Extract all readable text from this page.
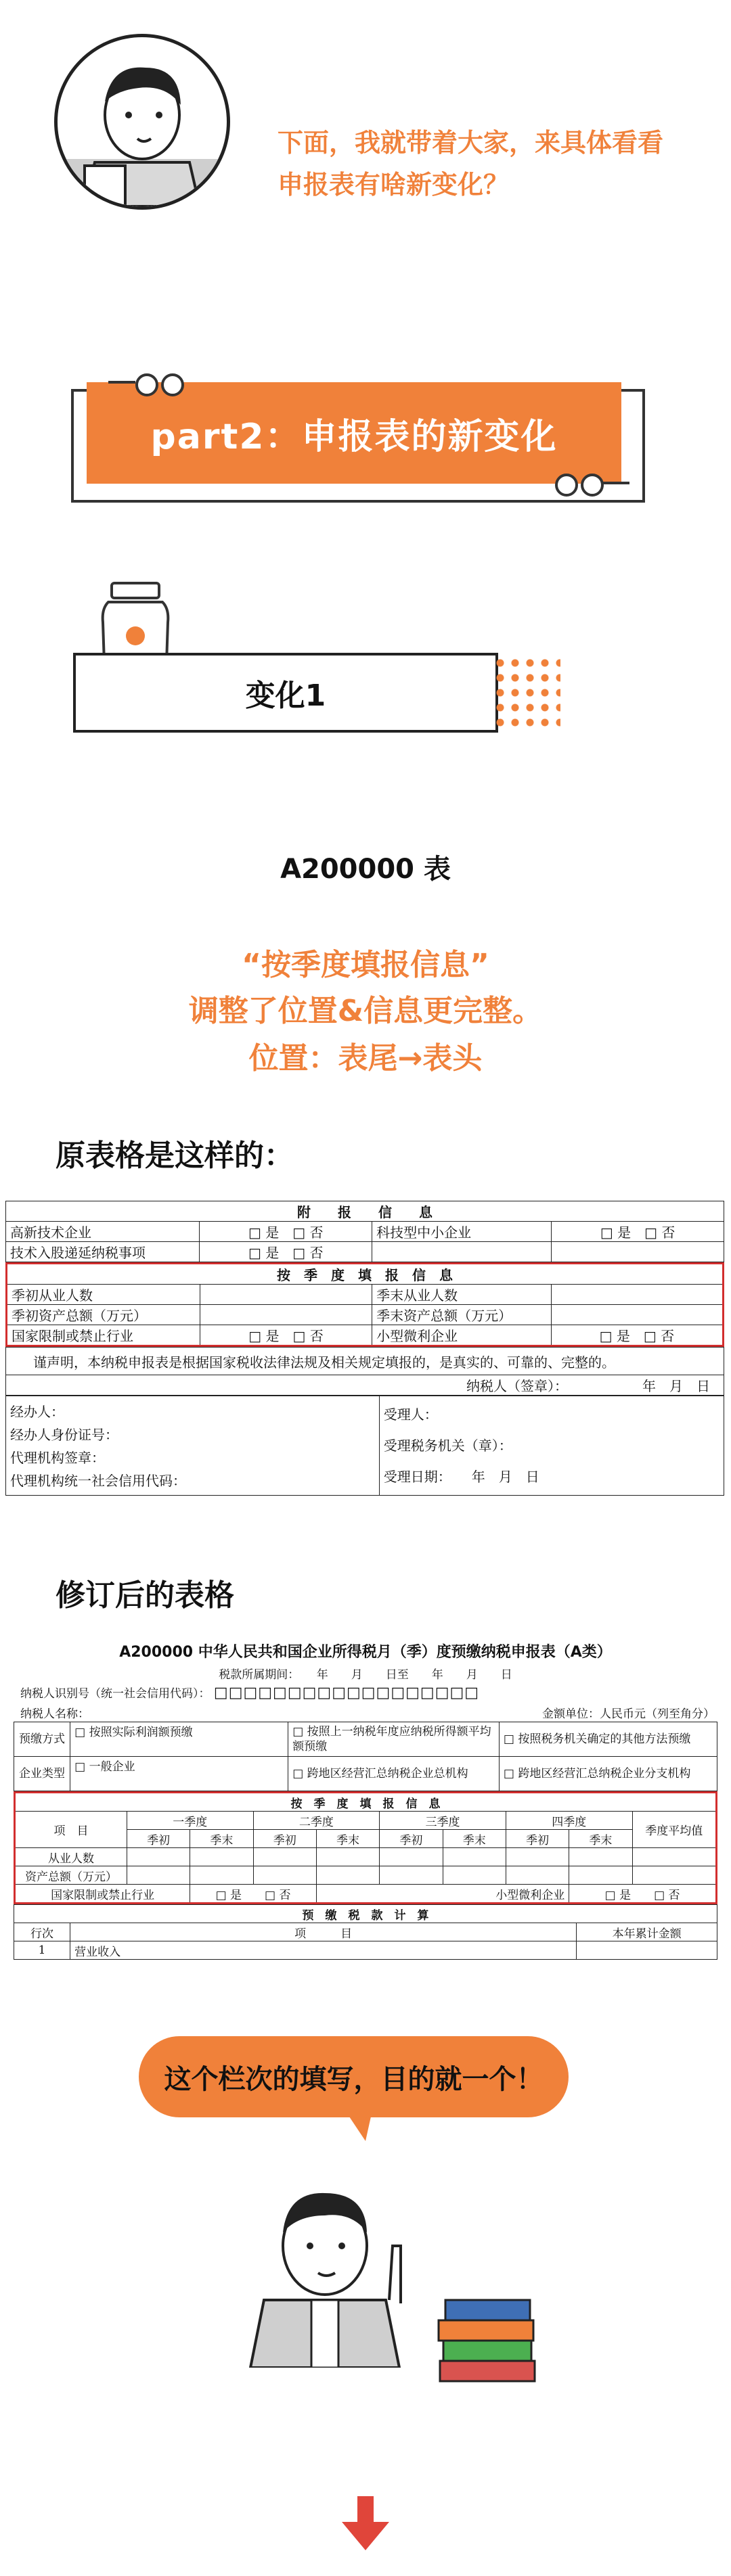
下面，我就带着大家，来具体看看
申报表有啥新变化？
part2：申报表的新变化
变化1
A200000 表
“按季度填报信息”
调整了位置&信息更完整。
位置：表尾→表头
原表格是这样的：
附　　报　　信　　息			
高新技术企业	□ 是　□ 否	科技型中小企业	□ 是　□ 否
技术入股递延纳税事项	□ 是　□ 否		
按　季　度　填　报　信　息			
季初从业人数		季末从业人数	
季初资产总额（万元）		季末资产总额（万元）	
国家限制或禁止行业	□ 是　□ 否	小型微利企业	□ 是　□ 否
谨声明，本纳税申报表是根据国家税收法律法规及相关规定填报的，是真实的、可靠的、完整的。
纳税人（签章）：　　　　　　年　月　日
经办人：
经办人身份证号：
代理机构签章：
代理机构统一社会信用代码：

受理人：
受理税务机关（章）：
受理日期：　　年　月　日
修订后的表格
A200000 中华人民共和国企业所得税月（季）度预缴纳税申报表（A类）
税款所属期间：　　年　　月　　日至　　年　　月　　日
纳税人识别号（统一社会信用代码）： □□□□□□□□□□□□□□□□□□
纳税人名称：	金额单位：人民币元（列至角分）
预缴方式	□ 按照实际利润额预缴	□ 按照上一纳税年度应纳税所得额平均额预缴	□ 按照税务机关确定的其他方法预缴
企业类型	□ 一般企业	□ 跨地区经营汇总纳税企业总机构	□ 跨地区经营汇总纳税企业分支机构
按　季　度　填　报　信　息									
项　目	一季度		二季度		三季度		四季度		季度平均值
	季初	季末	季初	季末	季初	季末	季初	季末	
从业人数									
资产总额（万元）									
国家限制或禁止行业		□ 是　　□ 否		小型微利企业				□ 是　　□ 否	
预　缴　税　款　计　算		
行次	项　　　目	本年累计金额
1	营业收入	
这个栏次的填写，目的就一个！
